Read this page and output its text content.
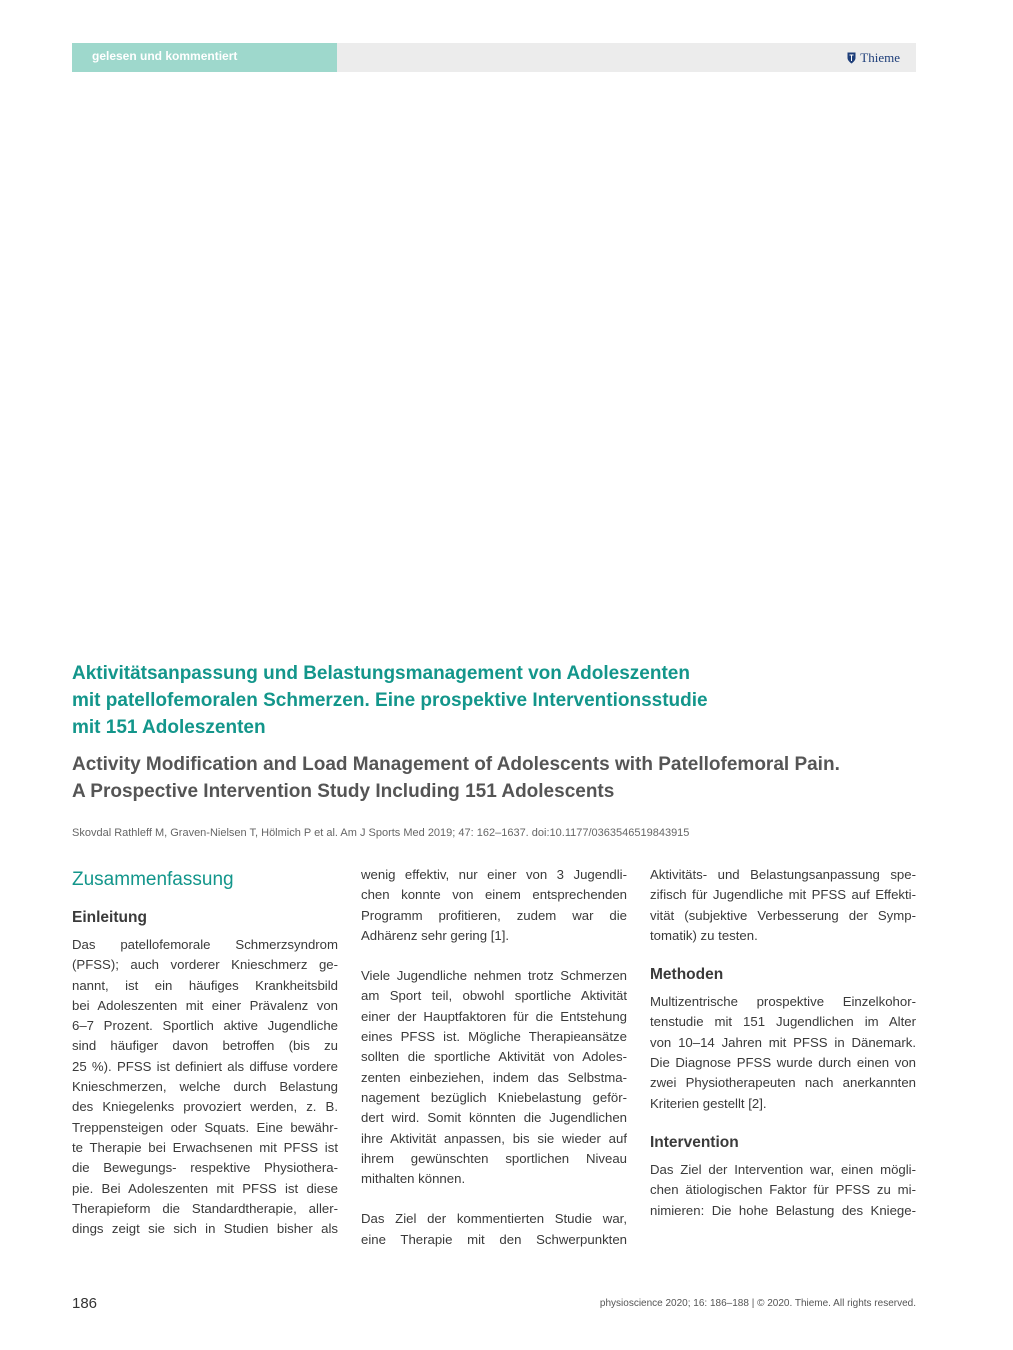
gelesen und kommentiert	Thieme
Aktivitätsanpassung und Belastungsmanagement von Adoleszenten
mit patellofemoralen Schmerzen. Eine prospektive Interventionsstudie
mit 151 Adoleszenten
Activity Modification and Load Management of Adolescents with Patellofemoral Pain.
A Prospective Intervention Study Including 151 Adolescents
Skovdal Rathleff M, Graven-Nielsen T, Hölmich P et al. Am J Sports Med 2019; 47: 162–1637. doi:10.1177/0363546519843915
Zusammenfassung
Einleitung

Das patellofemorale Schmerzsyndrom
(PFSS); auch vorderer Knieschmerz ge-
nannt, ist ein häufiges Krankheitsbild
bei Adoleszenten mit einer Prävalenz von
6–7 Prozent. Sportlich aktive Jugendliche
sind häufiger davon betroffen (bis zu
25 %). PFSS ist definiert als diffuse vordere
Knieschmerzen, welche durch Belastung
des Kniegelenks provoziert werden, z. B.
Treppensteigen oder Squats. Eine bewähr-
te Therapie bei Erwachsenen mit PFSS ist
die Bewegungs- respektive Physiothera-
pie. Bei Adoleszenten mit PFSS ist diese
Therapieform die Standardtherapie, aller-
dings zeigt sie sich in Studien bisher als

wenig effektiv, nur einer von 3 Jugendli-
chen konnte von einem entsprechenden
Programm profitieren, zudem war die
Adhärenz sehr gering [1].

Viele Jugendliche nehmen trotz Schmerzen
am Sport teil, obwohl sportliche Aktivität
einer der Hauptfaktoren für die Entstehung
eines PFSS ist. Mögliche Therapieansätze
sollten die sportliche Aktivität von Adoles-
zenten einbeziehen, indem das Selbstma-
nagement bezüglich Kniebelastung geför-
dert wird. Somit könnten die Jugendlichen
ihre Aktivität anpassen, bis sie wieder auf
ihrem gewünschten sportlichen Niveau
mithalten können.

Das Ziel der kommentierten Studie war,
eine Therapie mit den Schwerpunkten

Aktivitäts- und Belastungsanpassung spe-
zifisch für Jugendliche mit PFSS auf Effekti-
vität (subjektive Verbesserung der Symp-
tomatik) zu testen.

Methoden

Multizentrische prospektive Einzelkohor-
tenstudie mit 151 Jugendlichen im Alter
von 10–14 Jahren mit PFSS in Dänemark.
Die Diagnose PFSS wurde durch einen von
zwei Physiotherapeuten nach anerkannten
Kriterien gestellt [2].

Intervention

Das Ziel der Intervention war, einen mögli-
chen ätiologischen Faktor für PFSS zu mi-
nimieren: Die hohe Belastung des Kniege-

186	physioscience 2020; 16: 186–188 | © 2020. Thieme. All rights reserved.
